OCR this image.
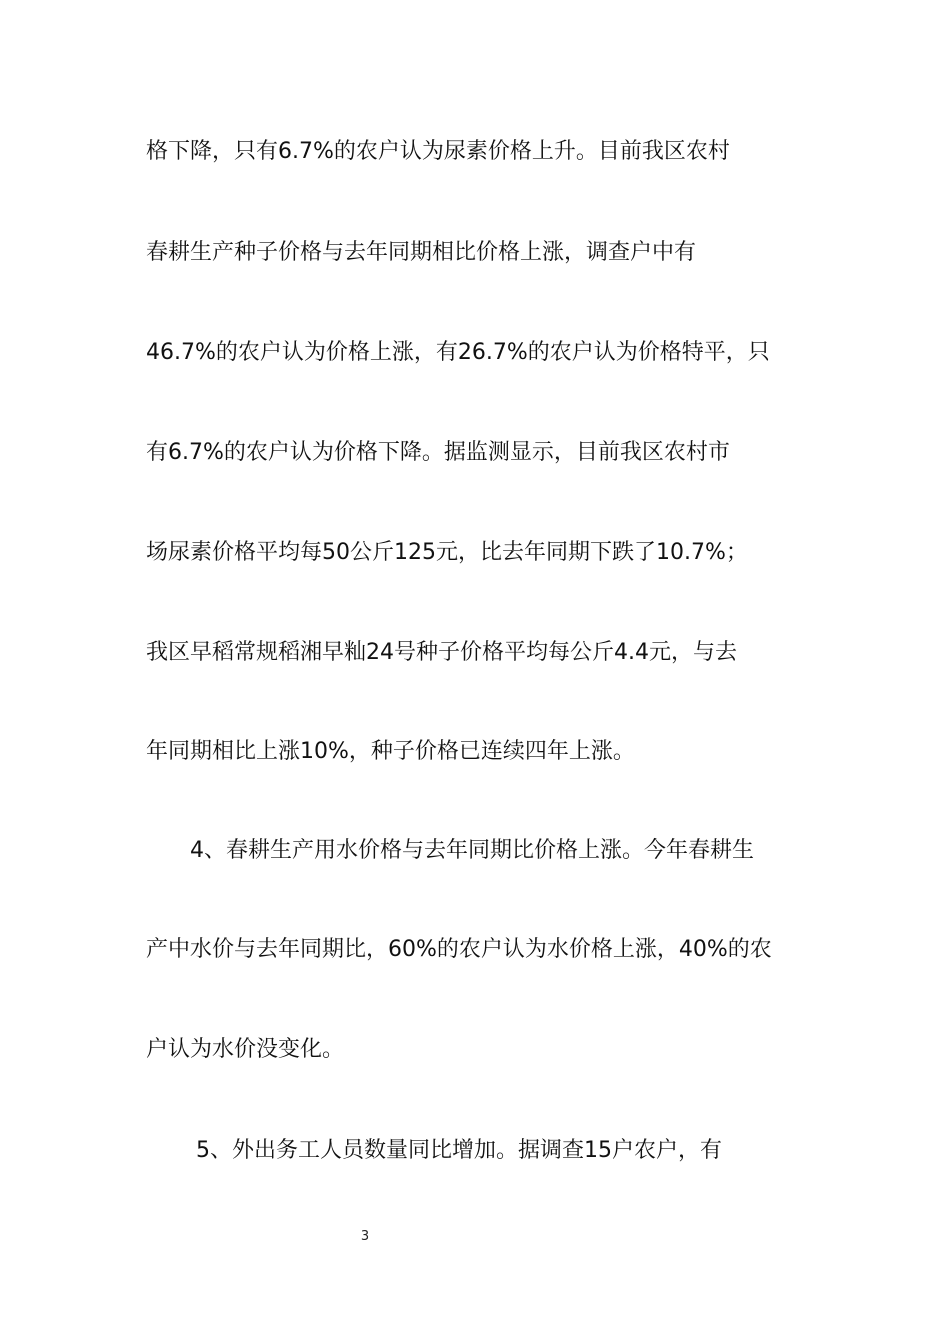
格下降，只有6.7%的农户认为尿素价格上升。目前我区农村
春耕生产种子价格与去年同期相比价格上涨，调查户中有
46.7%的农户认为价格上涨，有26.7%的农户认为价格特平，只
有6.7%的农户认为价格下降。据监测显示，目前我区农村市
场尿素价格平均每50公斤125元，比去年同期下跌了10.7%；
我区早稻常规稻湘早籼24号种子价格平均每公斤4.4元，与去
年同期相比上涨10%，种子价格已连续四年上涨。
4、春耕生产用水价格与去年同期比价格上涨。今年春耕生
产中水价与去年同期比，60%的农户认为水价格上涨，40%的农
户认为水价没变化。
5、外出务工人员数量同比增加。据调查15户农户，有
3
